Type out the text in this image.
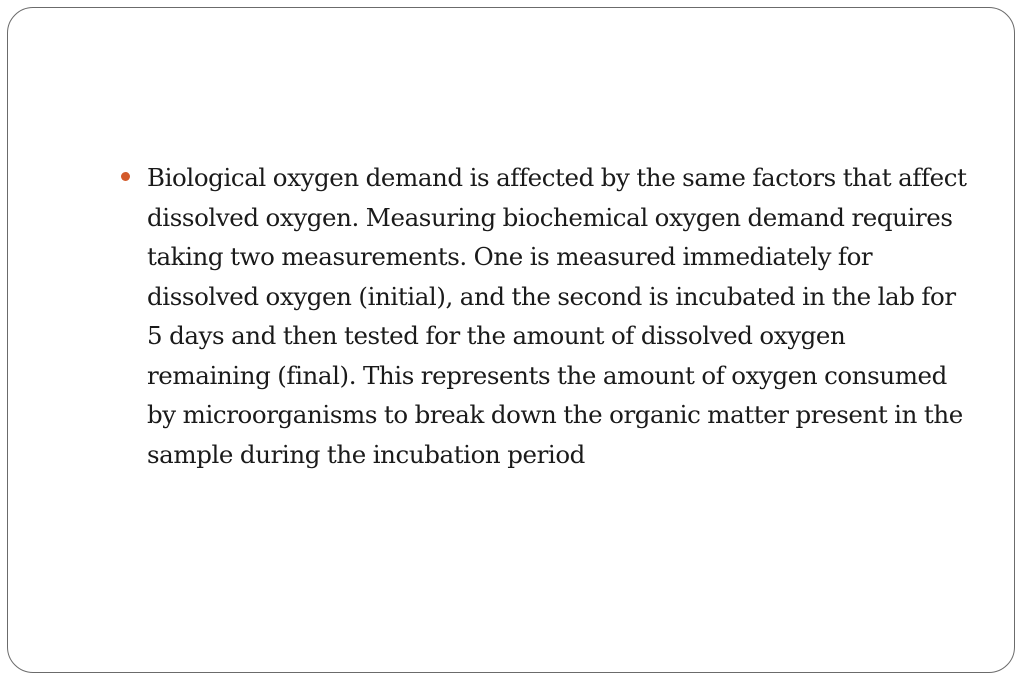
Biological oxygen demand is affected by the same factors that affect dissolved oxygen. Measuring biochemical oxygen demand requires taking two measurements. One is measured immediately for dissolved oxygen (initial), and the second is incubated in the lab for 5 days and then tested for the amount of dissolved oxygen remaining (final). This represents the amount of oxygen consumed by microorganisms to break down the organic matter present in the sample during the incubation period
